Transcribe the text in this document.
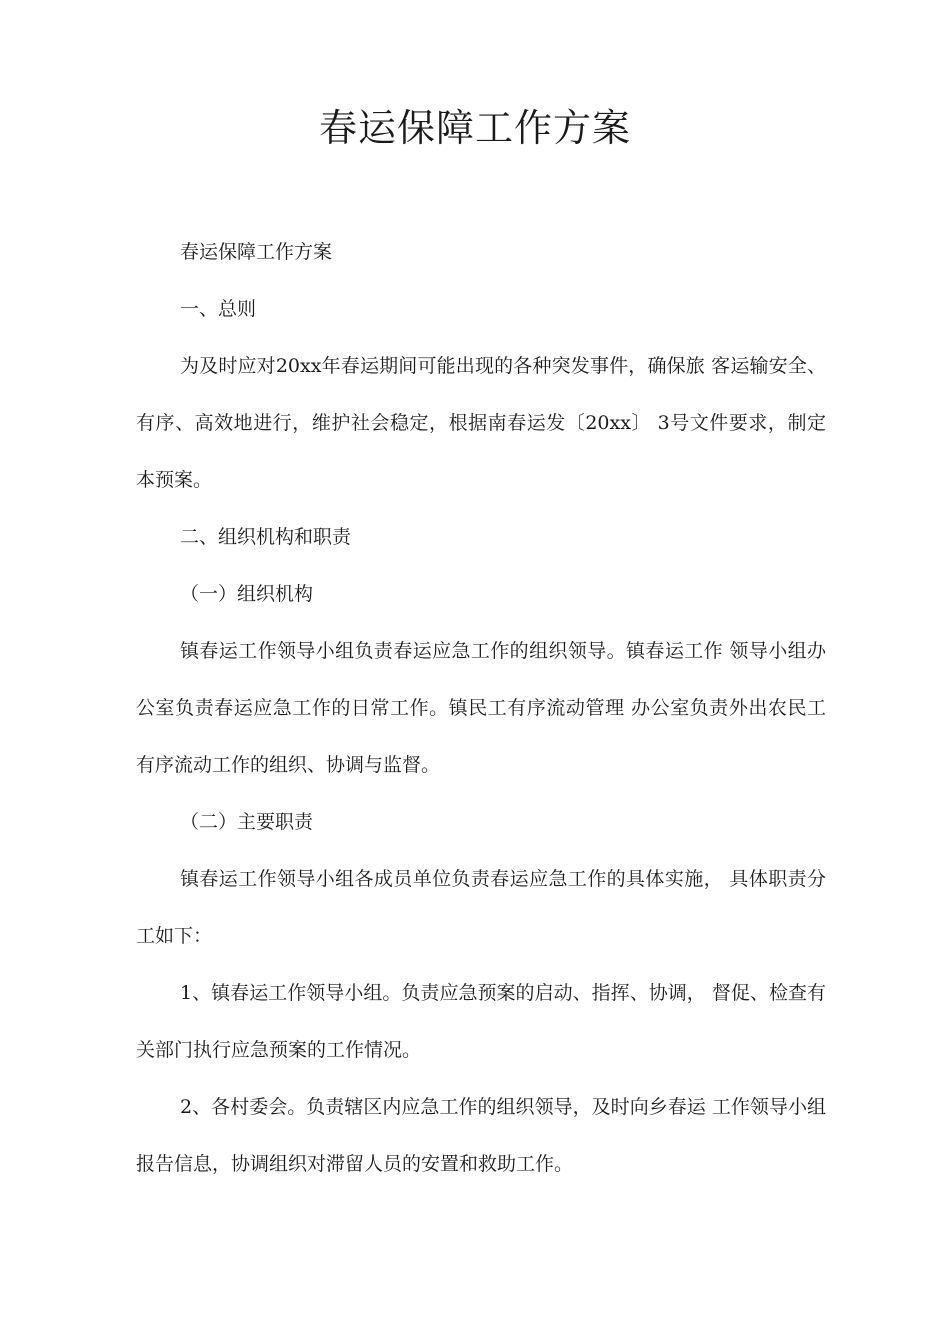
春运保障工作方案

春运保障工作方案

一、总则

为及时应对20xx年春运期间可能出现的各种突发事件，确保旅 客运输安全、有序、高效地进行，维护社会稳定，根据南春运发〔20xx〕 3号文件要求，制定本预案。

二、组织机构和职责

（一）组织机构

镇春运工作领导小组负责春运应急工作的组织领导。镇春运工作 领导小组办公室负责春运应急工作的日常工作。镇民工有序流动管理 办公室负责外出农民工有序流动工作的组织、协调与监督。

（二）主要职责

镇春运工作领导小组各成员单位负责春运应急工作的具体实施， 具体职责分工如下：

1、镇春运工作领导小组。负责应急预案的启动、指挥、协调， 督促、检查有关部门执行应急预案的工作情况。

2、各村委会。负责辖区内应急工作的组织领导，及时向乡春运 工作领导小组报告信息，协调组织对滞留人员的安置和救助工作。
